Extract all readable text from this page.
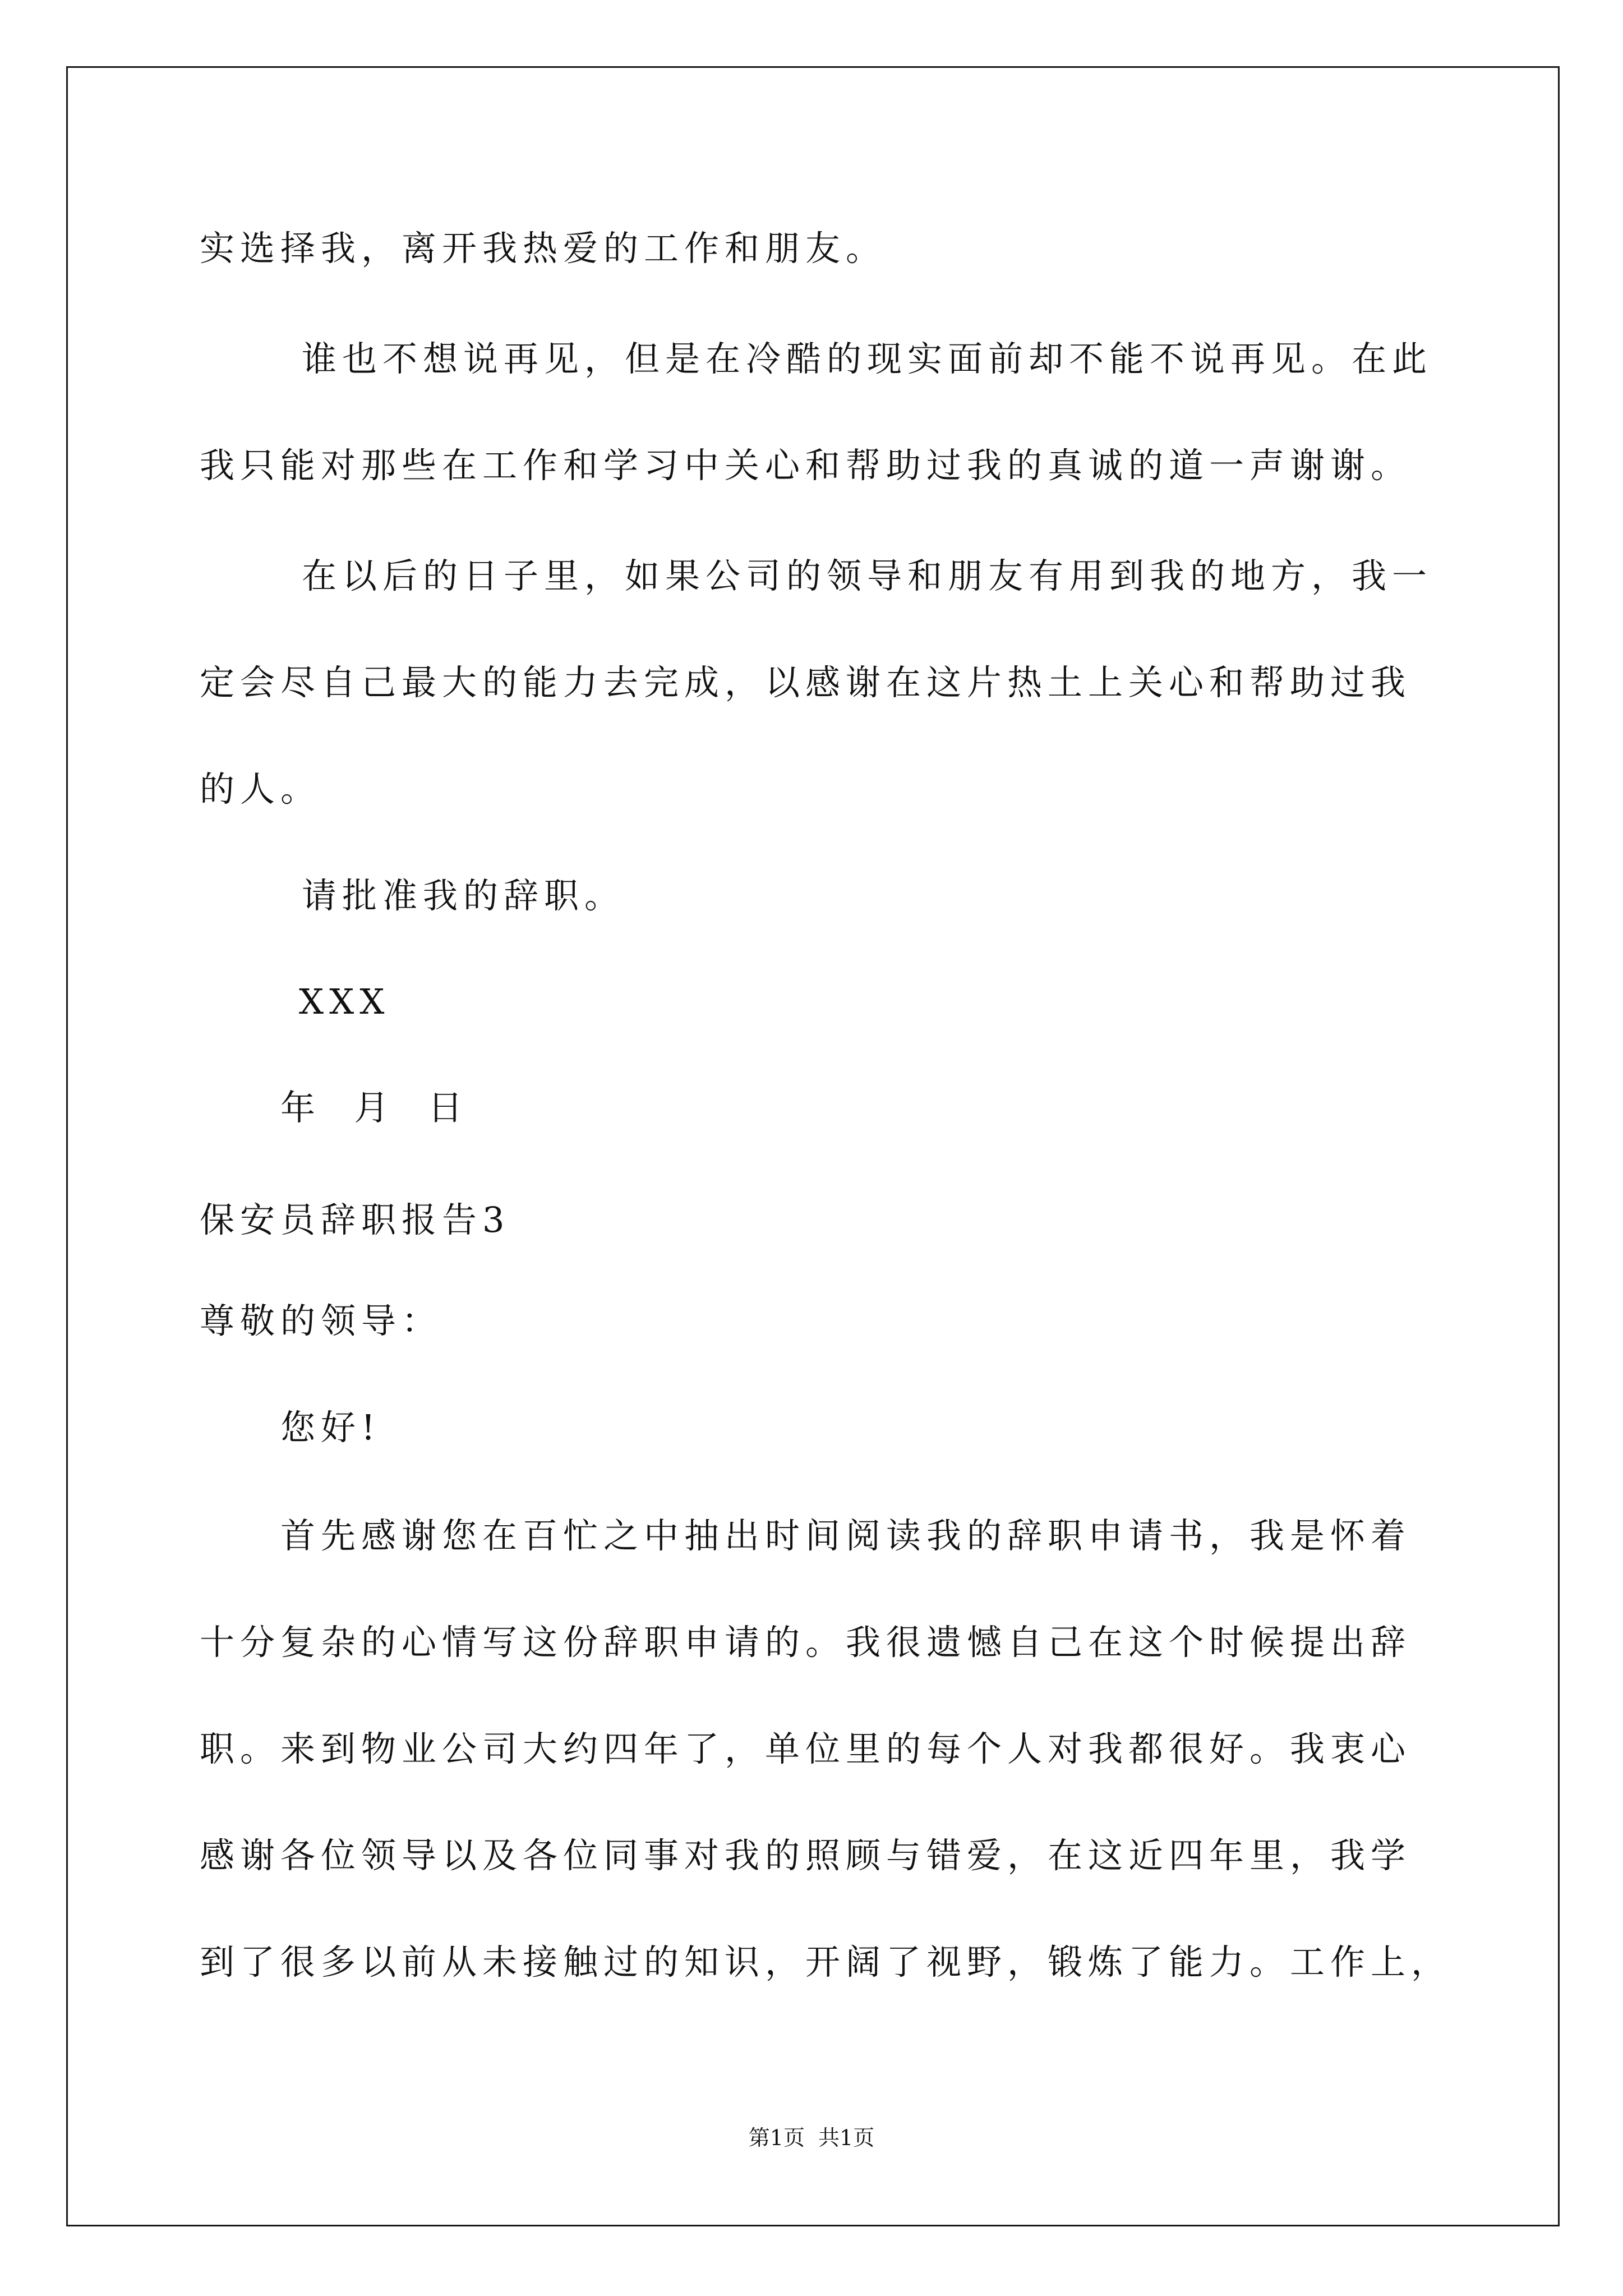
实选择我，离开我热爱的工作和朋友。
谁也不想说再见，但是在冷酷的现实面前却不能不说再见。在此
我只能对那些在工作和学习中关心和帮助过我的真诚的道一声谢谢。
在以后的日子里，如果公司的领导和朋友有用到我的地方，我一
定会尽自己最大的能力去完成，以感谢在这片热土上关心和帮助过我
的人。
请批准我的辞职。
XXX
年  月  日
保安员辞职报告3
尊敬的领导：
您好!
首先感谢您在百忙之中抽出时间阅读我的辞职申请书，我是怀着
十分复杂的心情写这份辞职申请的。我很遗憾自己在这个时候提出辞
职。来到物业公司大约四年了，单位里的每个人对我都很好。我衷心
感谢各位领导以及各位同事对我的照顾与错爱，在这近四年里，我学
到了很多以前从未接触过的知识，开阔了视野，锻炼了能力。工作上，
第1页 共1页
